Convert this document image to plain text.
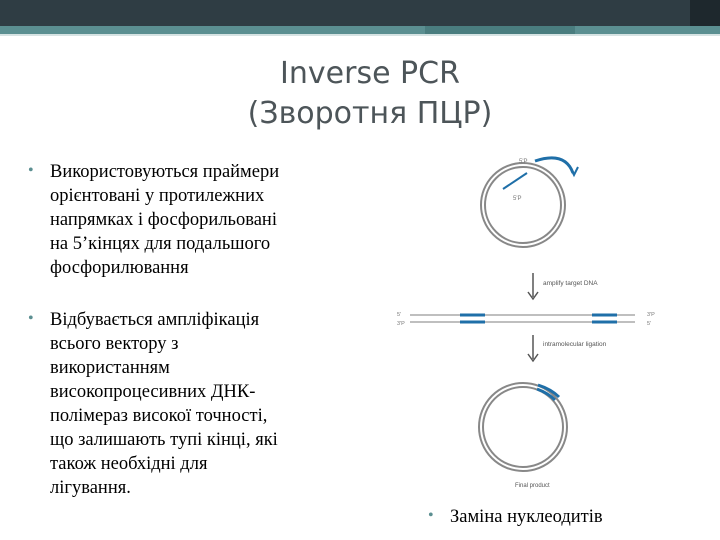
Inverse PCR
(Зворотня ПЦР)
• Використовуються праймери
орієнтовані у протилежних
напрямках і фосфорильовані
на 5’кінцях для подальшого
фосфорилювання
• Відбувається ампліфікація
всього вектору з
використанням
високопроцесивних ДНК-
полімераз високої точності,
що залишають тупі кінці, які
також необхідні для
лігування.
• Заміна нуклеодитів
5'P
5'P
amplify target DNA
5'
3'P
3'P
5'
intramolecular ligation
Final product
